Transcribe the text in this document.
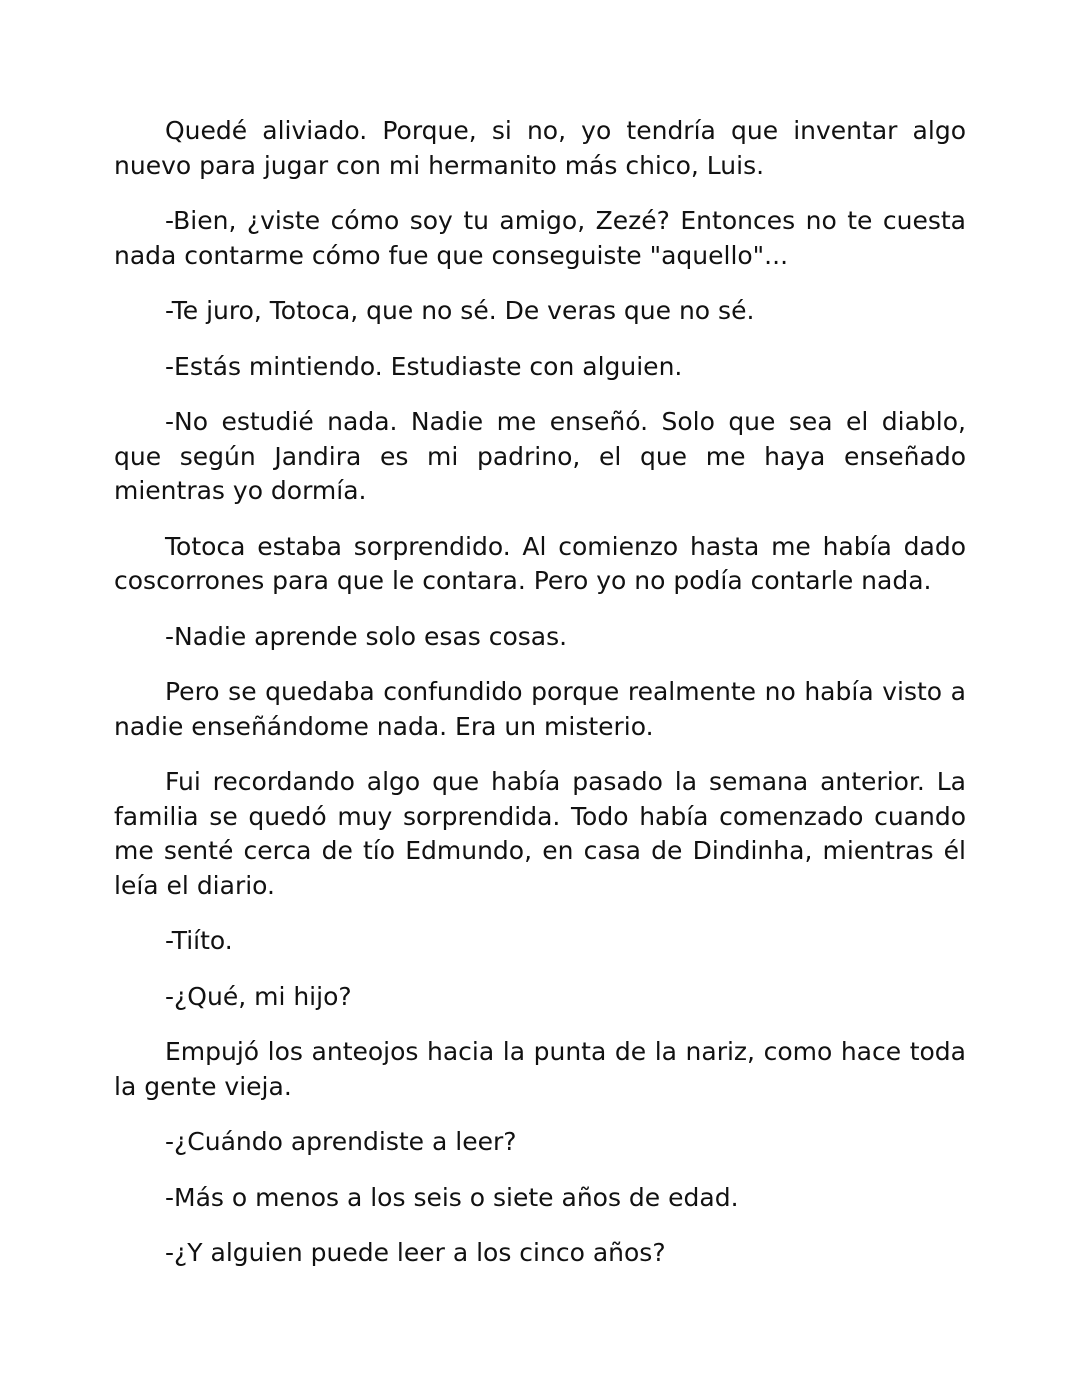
Quedé aliviado. Porque, si no, yo tendría que inventar algo nuevo para jugar con mi hermanito más chico, Luis.

-Bien, ¿viste cómo soy tu amigo, Zezé? Entonces no te cuesta nada contarme cómo fue que conseguiste "aquello"...

-Te juro, Totoca, que no sé. De veras que no sé.

-Estás mintiendo. Estudiaste con alguien.

-No estudié nada. Nadie me enseñó. Solo que sea el diablo, que según Jandira es mi padrino, el que me haya enseñado mientras yo dormía.

Totoca estaba sorprendido. Al comienzo hasta me había dado coscorrones para que le contara. Pero yo no podía contarle nada.

-Nadie aprende solo esas cosas.

Pero se quedaba confundido porque realmente no había visto a nadie enseñándome nada. Era un misterio.

Fui recordando algo que había pasado la semana anterior. La familia se quedó muy sorprendida. Todo había comenzado cuando me senté cerca de tío Edmundo, en casa de Dindinha, mientras él leía el diario.

-Tiíto.

-¿Qué, mi hijo?

Empujó los anteojos hacia la punta de la nariz, como hace toda la gente vieja.

-¿Cuándo aprendiste a leer?

-Más o menos a los seis o siete años de edad.

-¿Y alguien puede leer a los cinco años?
